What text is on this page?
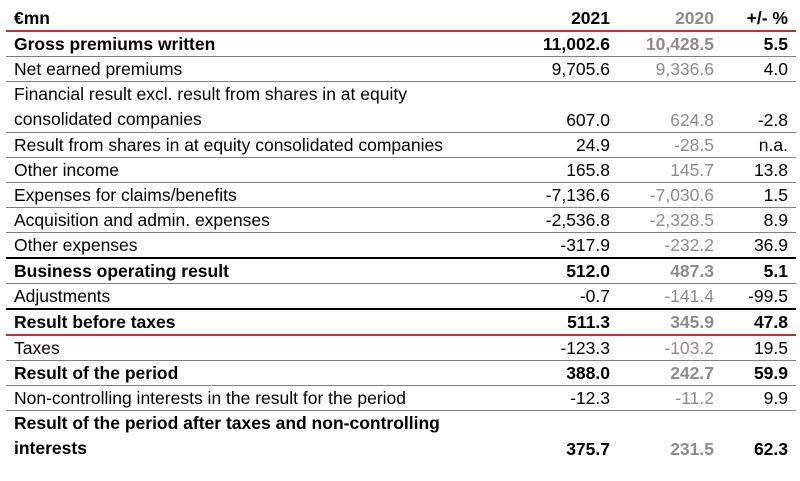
€mn	2021	2020	+/- %
Gross premiums written	11,002.6	10,428.5	5.5
Net earned premiums	9,705.6	9,336.6	4.0
Financial result excl. result from shares in at equity consolidated companies	607.0	624.8	-2.8
Result from shares in at equity consolidated companies	24.9	-28.5	n.a.
Other income	165.8	145.7	13.8
Expenses for claims/benefits	-7,136.6	-7,030.6	1.5
Acquisition and admin. expenses	-2,536.8	-2,328.5	8.9
Other expenses	-317.9	-232.2	36.9
Business operating result	512.0	487.3	5.1
Adjustments	-0.7	-141.4	-99.5
Result before taxes	511.3	345.9	47.8
Taxes	-123.3	-103.2	19.5
Result of the period	388.0	242.7	59.9
Non-controlling interests in the result for the period	-12.3	-11.2	9.9
Result of the period after taxes and non-controlling interests	375.7	231.5	62.3
